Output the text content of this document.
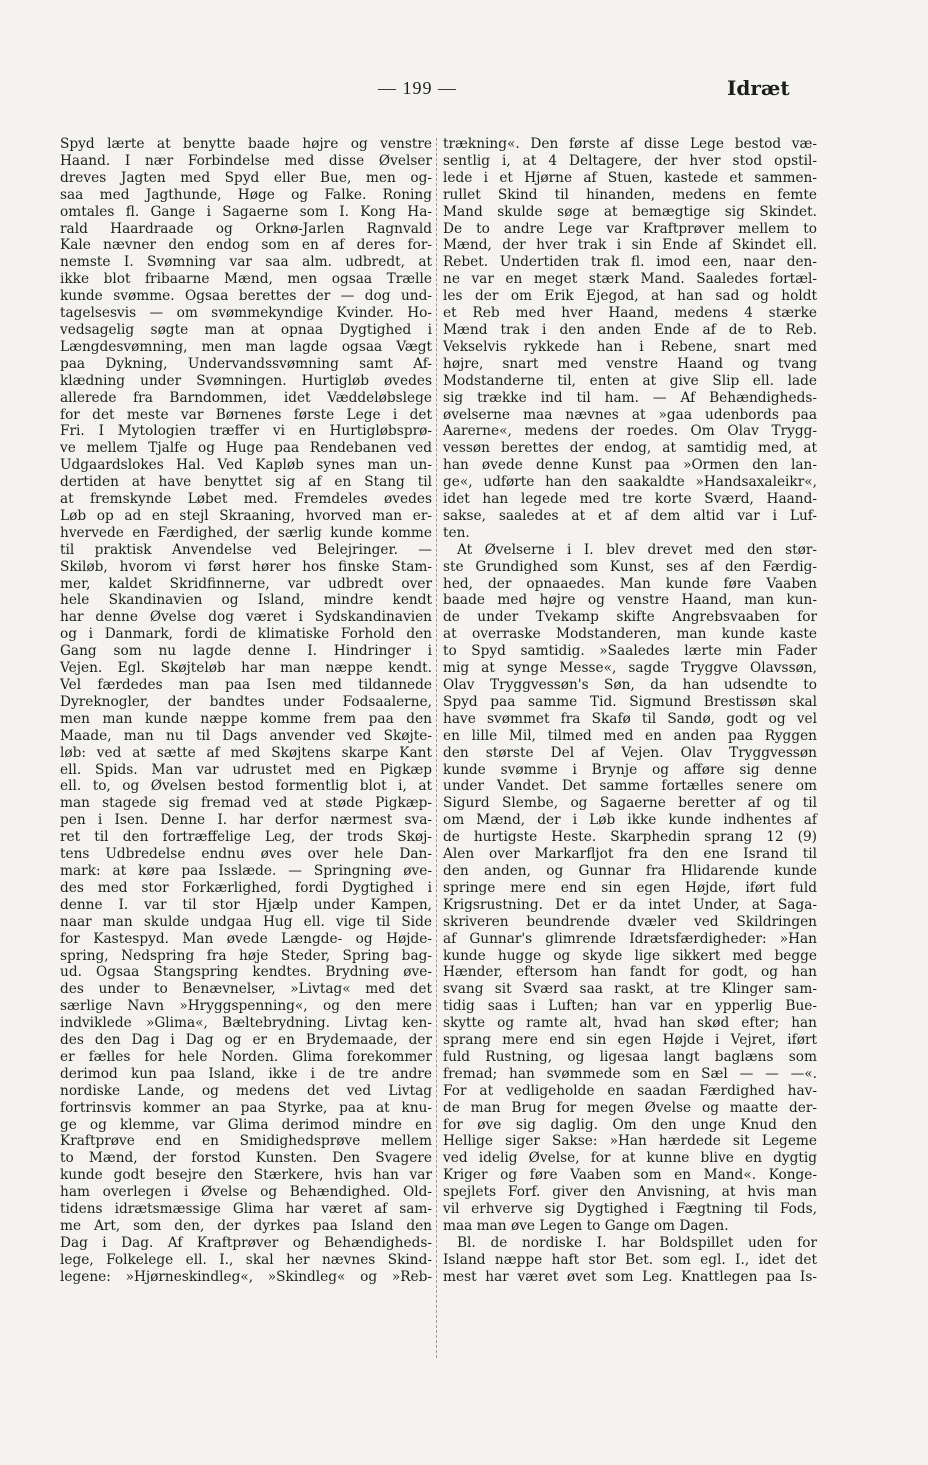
— 199 —	Idræt
Spyd lærte at benytte baade højre og venstre
Haand. I nær Forbindelse med disse Øvelser
dreves Jagten med Spyd eller Bue, men og-
saa med Jagthunde, Høge og Falke. Roning
omtales fl. Gange i Sagaerne som I. Kong Ha-
rald Haardraade og Orknø-Jarlen Ragnvald
Kale nævner den endog som en af deres for-
nemste I. Svømning var saa alm. udbredt, at
ikke blot fribaarne Mænd, men ogsaa Trælle
kunde svømme. Ogsaa berettes der — dog und-
tagelsesvis — om svømmekyndige Kvinder. Ho-
vedsagelig søgte man at opnaa Dygtighed i
Længdesvømning, men man lagde ogsaa Vægt
paa Dykning, Undervandssvømning samt Af-
klædning under Svømningen. Hurtigløb øvedes
allerede fra Barndommen, idet Væddeløbslege
for det meste var Børnenes første Lege i det
Fri. I Mytologien træffer vi en Hurtigløbsprø-
ve mellem Tjalfe og Huge paa Rendebanen ved
Udgaardslokes Hal. Ved Kapløb synes man un-
dertiden at have benyttet sig af en Stang til
at fremskynde Løbet med. Fremdeles øvedes
Løb op ad en stejl Skraaning, hvorved man er-
hvervede en Færdighed, der særlig kunde komme
til praktisk Anvendelse ved Belejringer. —
Skiløb, hvorom vi først hører hos finske Stam-
mer, kaldet Skridfinnerne, var udbredt over
hele Skandinavien og Island, mindre kendt
har denne Øvelse dog været i Sydskandinavien
og i Danmark, fordi de klimatiske Forhold den
Gang som nu lagde denne I. Hindringer i
Vejen. Egl. Skøjteløb har man næppe kendt.
Vel færdedes man paa Isen med tildannede
Dyreknogler, der bandtes under Fodsaalerne,
men man kunde næppe komme frem paa den
Maade, man nu til Dags anvender ved Skøjte-
løb: ved at sætte af med Skøjtens skarpe Kant
ell. Spids. Man var udrustet med en Pigkæp
ell. to, og Øvelsen bestod formentlig blot i, at
man stagede sig fremad ved at støde Pigkæp-
pen i Isen. Denne I. har derfor nærmest sva-
ret til den fortræffelige Leg, der trods Skøj-
tens Udbredelse endnu øves over hele Dan-
mark: at køre paa Isslæde. — Springning øve-
des med stor Forkærlighed, fordi Dygtighed i
denne I. var til stor Hjælp under Kampen,
naar man skulde undgaa Hug ell. vige til Side
for Kastespyd. Man øvede Længde- og Højde-
spring, Nedspring fra høje Steder, Spring bag-
ud. Ogsaa Stangspring kendtes. Brydning øve-
des under to Benævnelser, »Livtag« med det
særlige Navn »Hryggspenning«, og den mere
indviklede »Glima«, Bæltebrydning. Livtag ken-
des den Dag i Dag og er en Brydemaade, der
er fælles for hele Norden. Glima forekommer
derimod kun paa Island, ikke i de tre andre
nordiske Lande, og medens det ved Livtag
fortrinsvis kommer an paa Styrke, paa at knu-
ge og klemme, var Glima derimod mindre en
Kraftprøve end en Smidighedsprøve mellem
to Mænd, der forstod Kunsten. Den Svagere
kunde godt besejre den Stærkere, hvis han var
ham overlegen i Øvelse og Behændighed. Old-
tidens idrætsmæssige Glima har været af sam-
me Art, som den, der dyrkes paa Island den
Dag i Dag. Af Kraftprøver og Behændigheds-
lege, Folkelege ell. I., skal her nævnes Skind-
legene: »Hjørneskindleg«, »Skindleg« og »Reb-
trækning«. Den første af disse Lege bestod væ-
sentlig i, at 4 Deltagere, der hver stod opstil-
lede i et Hjørne af Stuen, kastede et sammen-
rullet Skind til hinanden, medens en femte
Mand skulde søge at bemægtige sig Skindet.
De to andre Lege var Kraftprøver mellem to
Mænd, der hver trak i sin Ende af Skindet ell.
Rebet. Undertiden trak fl. imod een, naar den-
ne var en meget stærk Mand. Saaledes fortæl-
les der om Erik Ejegod, at han sad og holdt
et Reb med hver Haand, medens 4 stærke
Mænd trak i den anden Ende af de to Reb.
Vekselvis rykkede han i Rebene, snart med
højre, snart med venstre Haand og tvang
Modstanderne til, enten at give Slip ell. lade
sig trække ind til ham. — Af Behændigheds-
øvelserne maa nævnes at »gaa udenbords paa
Aarerne«, medens der roedes. Om Olav Trygg-
vessøn berettes der endog, at samtidig med, at
han øvede denne Kunst paa »Ormen den lan-
ge«, udførte han den saakaldte »Handsaxaleikr«,
idet han legede med tre korte Sværd, Haand-
sakse, saaledes at et af dem altid var i Luf-
ten.
At Øvelserne i I. blev drevet med den stør-
ste Grundighed som Kunst, ses af den Færdig-
hed, der opnaaedes. Man kunde føre Vaaben
baade med højre og venstre Haand, man kun-
de under Tvekamp skifte Angrebsvaaben for
at overraske Modstanderen, man kunde kaste
to Spyd samtidig. »Saaledes lærte min Fader
mig at synge Messe«, sagde Tryggve Olavssøn,
Olav Tryggvessøn's Søn, da han udsendte to
Spyd paa samme Tid. Sigmund Brestissøn skal
have svømmet fra Skafø til Sandø, godt og vel
en lille Mil, tilmed med en anden paa Ryggen
den største Del af Vejen. Olav Tryggvessøn
kunde svømme i Brynje og afføre sig denne
under Vandet. Det samme fortælles senere om
Sigurd Slembe, og Sagaerne beretter af og til
om Mænd, der i Løb ikke kunde indhentes af
de hurtigste Heste. Skarphedin sprang 12 (9)
Alen over Markarfljot fra den ene Isrand til
den anden, og Gunnar fra Hlidarende kunde
springe mere end sin egen Højde, iført fuld
Krigsrustning. Det er da intet Under, at Saga-
skriveren beundrende dvæler ved Skildringen
af Gunnar's glimrende Idrætsfærdigheder: »Han
kunde hugge og skyde lige sikkert med begge
Hænder, eftersom han fandt for godt, og han
svang sit Sværd saa raskt, at tre Klinger sam-
tidig saas i Luften; han var en ypperlig Bue-
skytte og ramte alt, hvad han skød efter; han
sprang mere end sin egen Højde i Vejret, iført
fuld Rustning, og ligesaa langt baglæns som
fremad; han svømmede som en Sæl — — —«.
For at vedligeholde en saadan Færdighed hav-
de man Brug for megen Øvelse og maatte der-
for øve sig daglig. Om den unge Knud den
Hellige siger Sakse: »Han hærdede sit Legeme
ved idelig Øvelse, for at kunne blive en dygtig
Kriger og føre Vaaben som en Mand«. Konge-
spejlets Forf. giver den Anvisning, at hvis man
vil erhverve sig Dygtighed i Fægtning til Fods,
maa man øve Legen to Gange om Dagen.
Bl. de nordiske I. har Boldspillet uden for
Island næppe haft stor Bet. som egl. I., idet det
mest har været øvet som Leg. Knattlegen paa Is-
